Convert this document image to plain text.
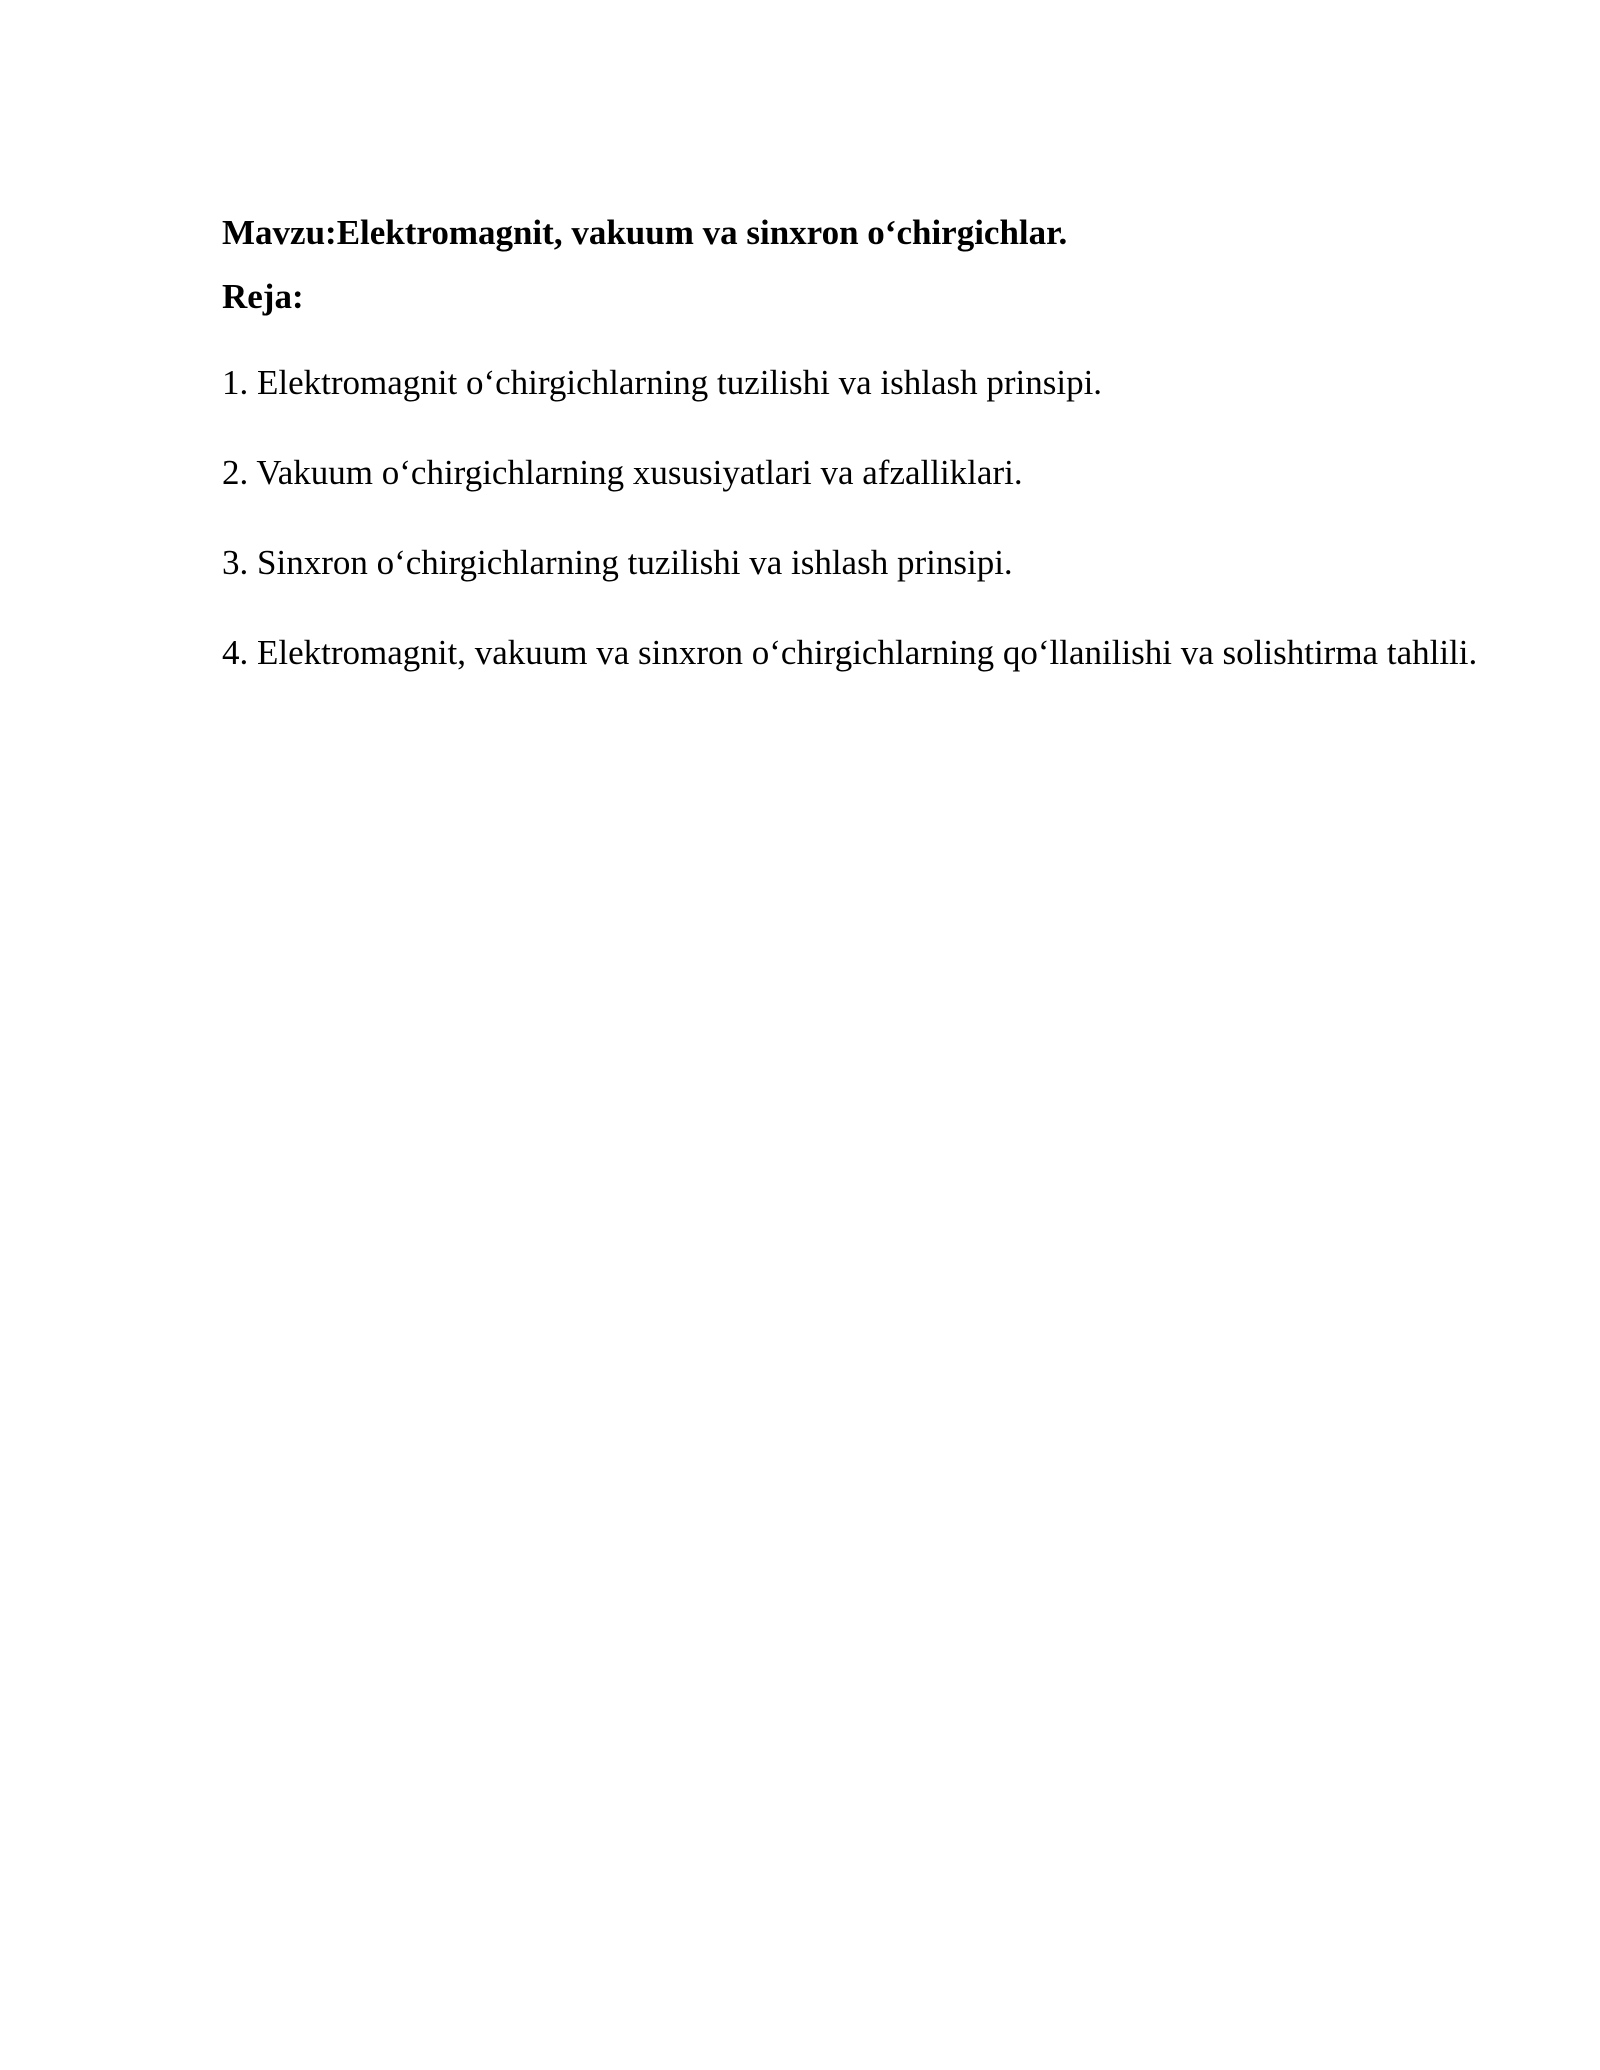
Mavzu:Elektromagnit, vakuum va sinxron o‘chirgichlar.

Reja:

1. Elektromagnit o‘chirgichlarning tuzilishi va ishlash prinsipi.

2. Vakuum o‘chirgichlarning xususiyatlari va afzalliklari.

3. Sinxron o‘chirgichlarning tuzilishi va ishlash prinsipi.

4. Elektromagnit, vakuum va sinxron o‘chirgichlarning qo‘llanilishi va solishtirma tahlili.
